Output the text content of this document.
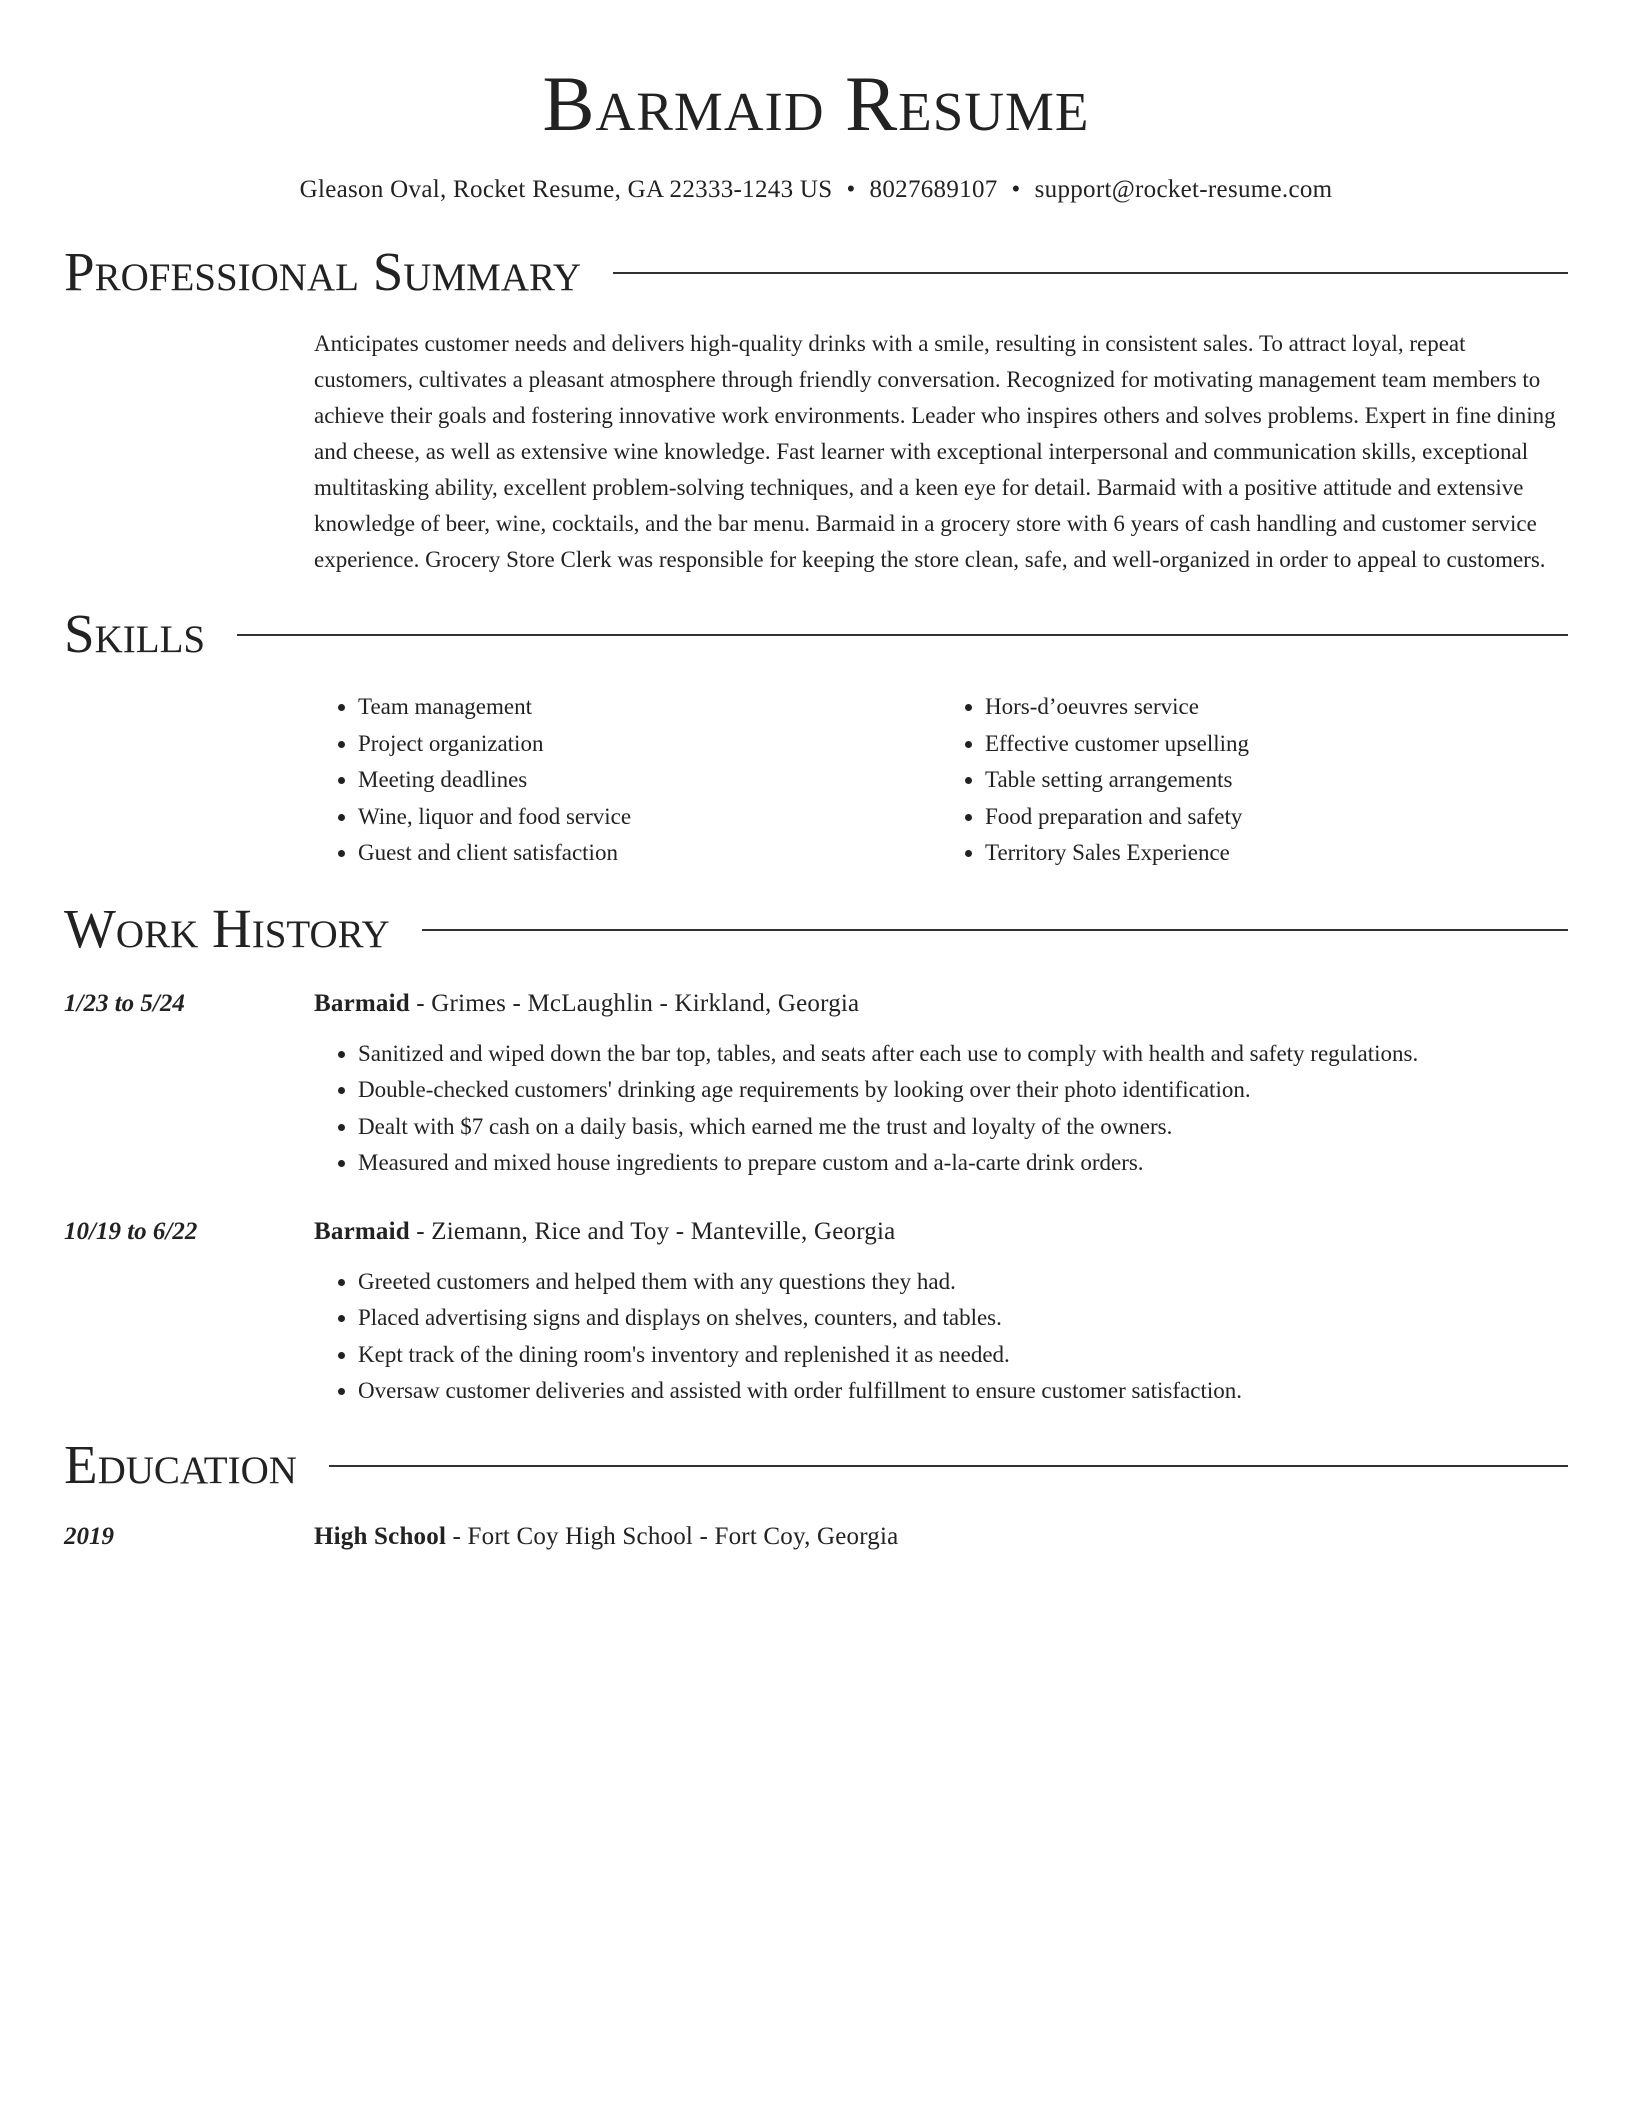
Barmaid Resume
Gleason Oval, Rocket Resume, GA 22333-1243 US • 8027689107 • support@rocket-resume.com
Professional Summary

Anticipates customer needs and delivers high-quality drinks with a smile, resulting in consistent sales. To attract loyal, repeat customers, cultivates a pleasant atmosphere through friendly conversation. Recognized for motivating management team members to achieve their goals and fostering innovative work environments. Leader who inspires others and solves problems. Expert in fine dining and cheese, as well as extensive wine knowledge. Fast learner with exceptional interpersonal and communication skills, exceptional multitasking ability, excellent problem-solving techniques, and a keen eye for detail. Barmaid with a positive attitude and extensive knowledge of beer, wine, cocktails, and the bar menu. Barmaid in a grocery store with 6 years of cash handling and customer service experience. Grocery Store Clerk was responsible for keeping the store clean, safe, and well-organized in order to appeal to customers.

Skills
• Team management
• Project organization
• Meeting deadlines
• Wine, liquor and food service
• Guest and client satisfaction
• Hors-d’oeuvres service
• Effective customer upselling
• Table setting arrangements
• Food preparation and safety
• Territory Sales Experience
Work History
1/23 to 5/24	Barmaid - Grimes - McLaughlin - Kirkland, Georgia
• Sanitized and wiped down the bar top, tables, and seats after each use to comply with health and safety regulations.
• Double-checked customers' drinking age requirements by looking over their photo identification.
• Dealt with $7 cash on a daily basis, which earned me the trust and loyalty of the owners.
• Measured and mixed house ingredients to prepare custom and a-la-carte drink orders.
10/19 to 6/22	Barmaid - Ziemann, Rice and Toy - Manteville, Georgia
• Greeted customers and helped them with any questions they had.
• Placed advertising signs and displays on shelves, counters, and tables.
• Kept track of the dining room's inventory and replenished it as needed.
• Oversaw customer deliveries and assisted with order fulfillment to ensure customer satisfaction.
Education
2019	High School - Fort Coy High School - Fort Coy, Georgia
